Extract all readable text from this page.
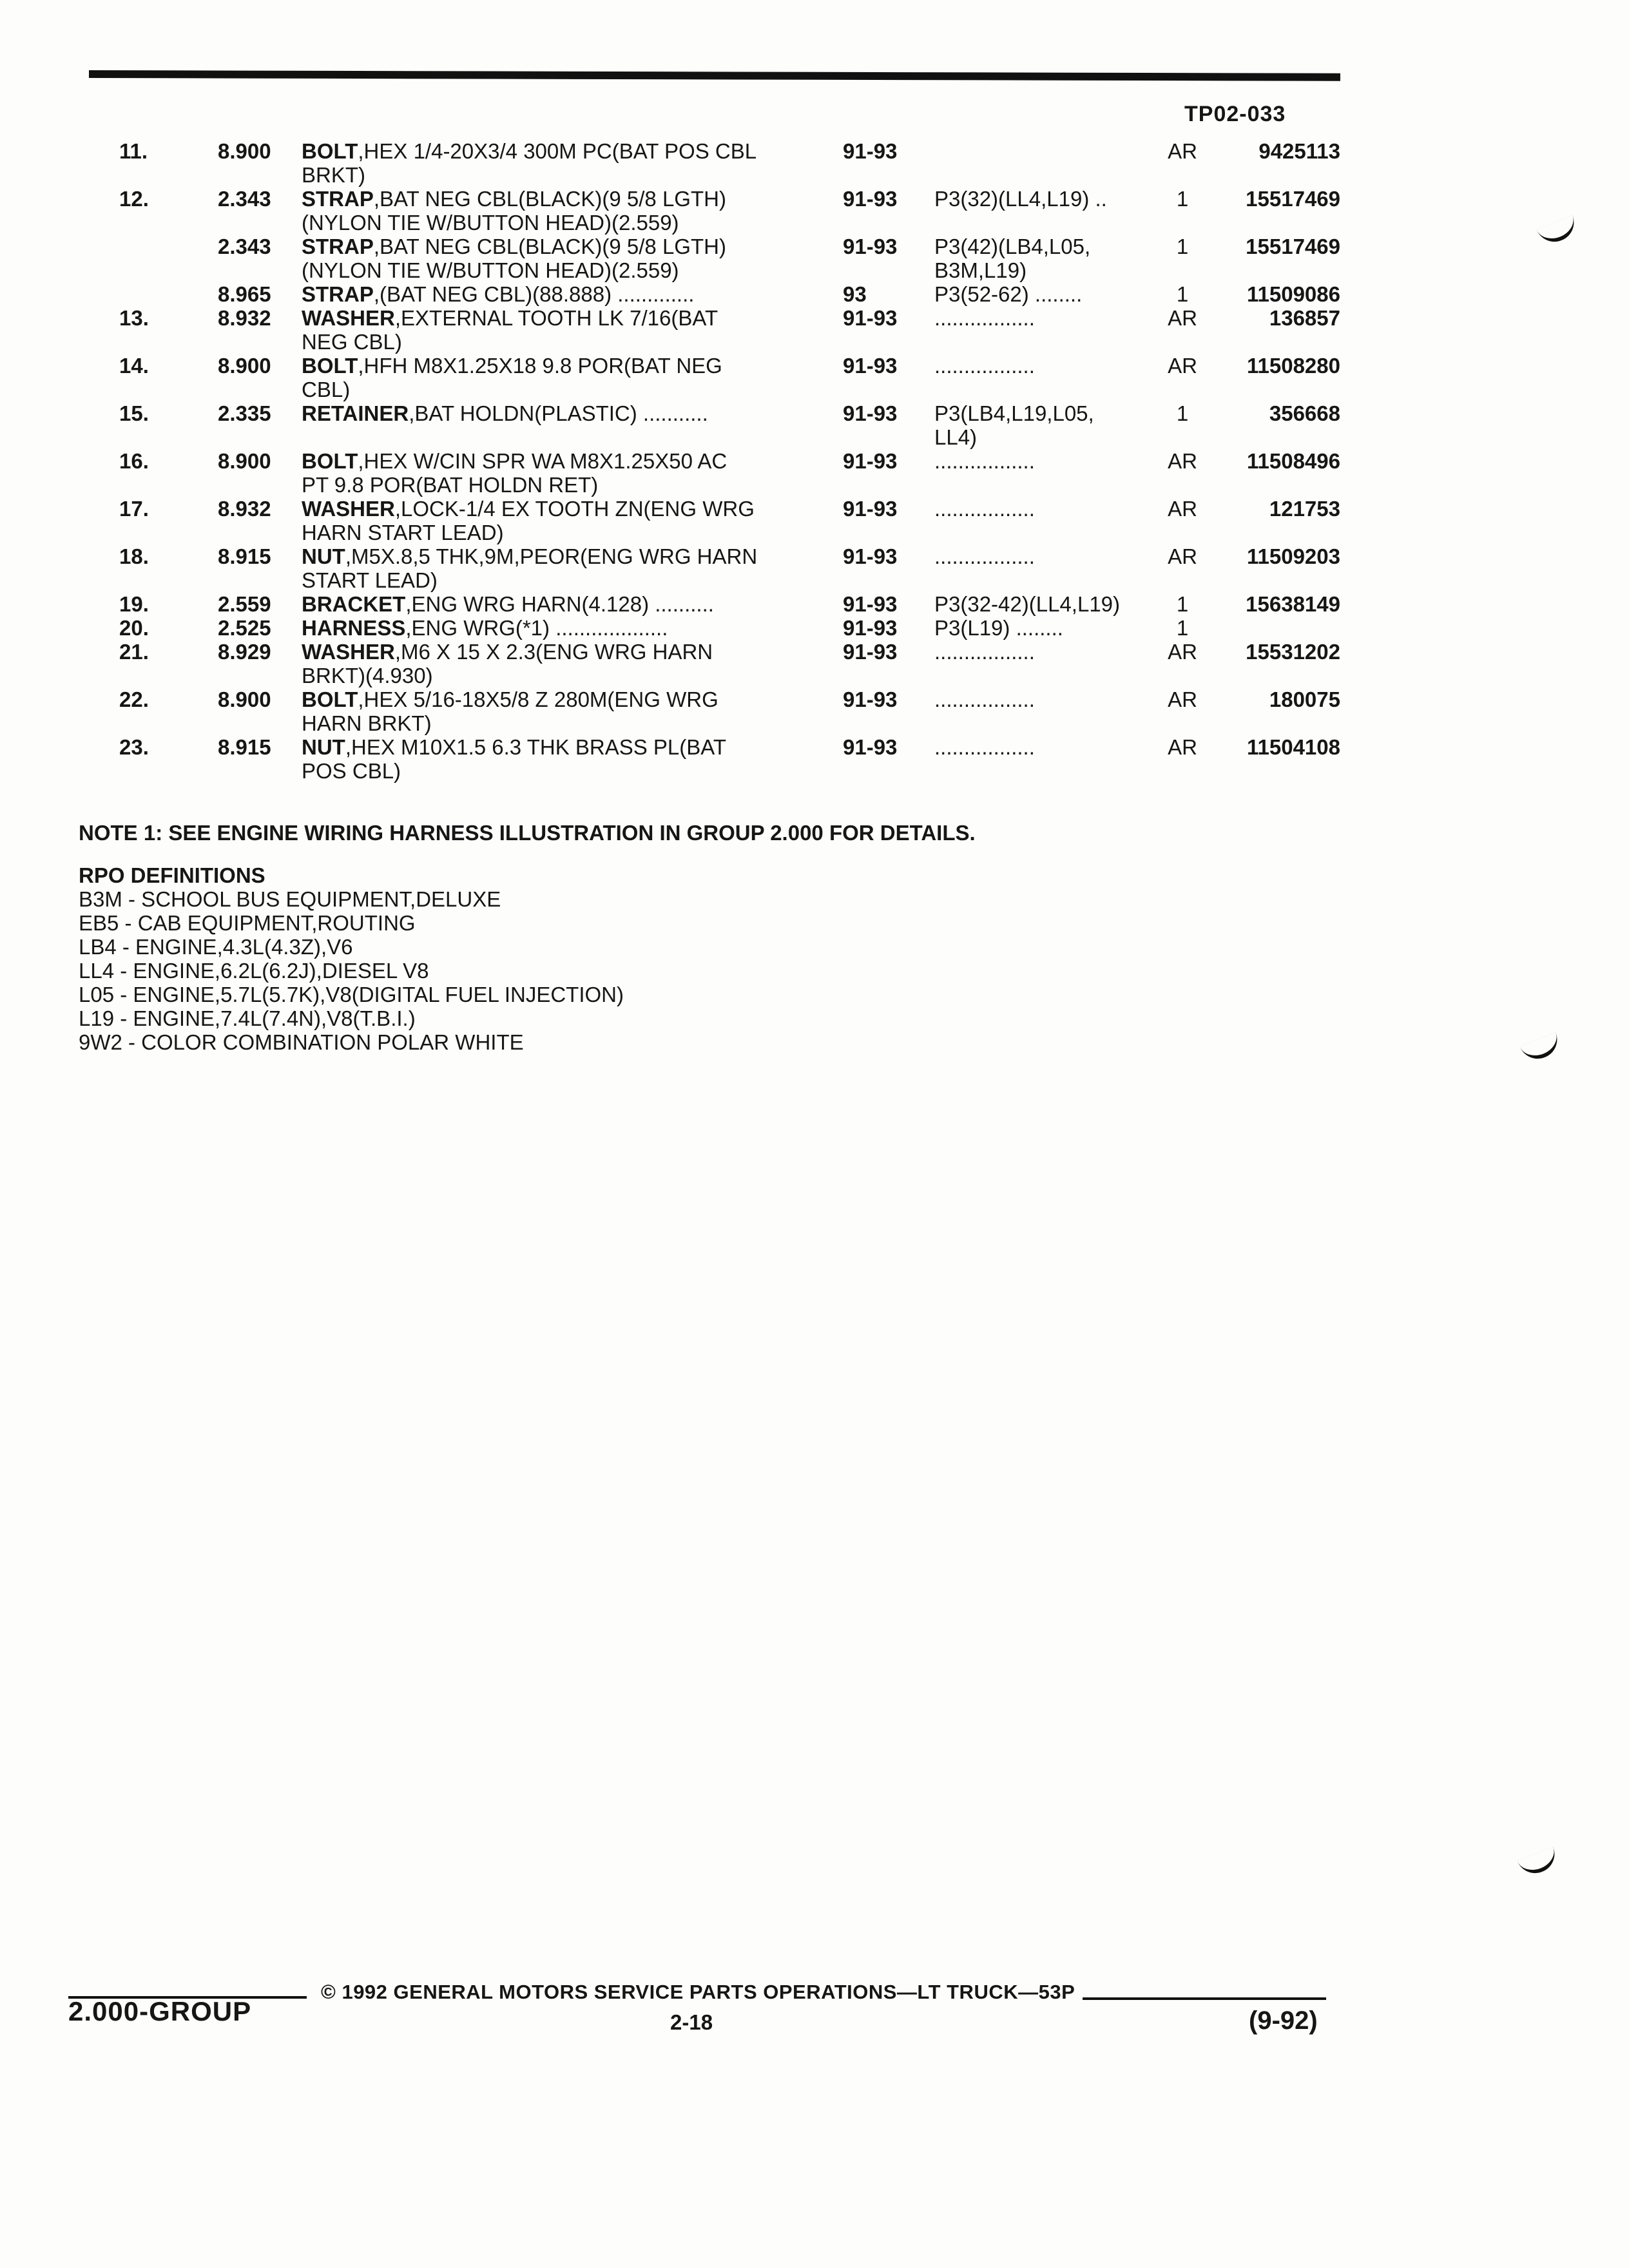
TP02-033
11.	8.900 BOLT,HEX 1/4-20X3/4 300M PC(BAT POS CBL
BRKT)
91-93	AR	9425113
12.	2.343 STRAP,BAT NEG CBL(BLACK)(9 5/8 LGTH)
(NYLON TIE W/BUTTON HEAD)(2.559)
91-93 P3(32)(LL4,L19) ..	1	15517469
2.343 STRAP,BAT NEG CBL(BLACK)(9 5/8 LGTH)
(NYLON TIE W/BUTTON HEAD)(2.559)
91-93 P3(42)(LB4,L05,
B3M,L19)
1	15517469
8.965 STRAP,(BAT NEG CBL)(88.888) .............	93	P3(52-62) ........	1	11509086
13.	8.932 WASHER,EXTERNAL TOOTH LK 7/16(BAT
NEG CBL)
91-93 .................	AR	136857
14.	8.900 BOLT,HFH M8X1.25X18 9.8 POR(BAT NEG
CBL)
91-93 .................	AR	11508280
15.	2.335 RETAINER,BAT HOLDN(PLASTIC) ...........	91-93 P3(LB4,L19,L05,
LL4)
1	356668
16.	8.900 BOLT,HEX W/CIN SPR WA M8X1.25X50 AC
PT 9.8 POR(BAT HOLDN RET)
91-93 .................	AR	11508496
17.	8.932 WASHER,LOCK-1/4 EX TOOTH ZN(ENG WRG
HARN START LEAD)
91-93 .................	AR	121753
18.	8.915 NUT,M5X.8,5 THK,9M,PEOR(ENG WRG HARN
START LEAD)
91-93 .................	AR	11509203
19.	2.559 BRACKET,ENG WRG HARN(4.128) ..........	91-93 P3(32-42)(LL4,L19)	1	15638149
20.	2.525 HARNESS,ENG WRG(*1) ...................	91-93 P3(L19) ........	1
21.	8.929 WASHER,M6 X 15 X 2.3(ENG WRG HARN
BRKT)(4.930)
91-93 .................	AR	15531202
22.	8.900 BOLT,HEX 5/16-18X5/8 Z 280M(ENG WRG
HARN BRKT)
91-93 .................	AR	180075
23.	8.915 NUT,HEX M10X1.5 6.3 THK BRASS PL(BAT
POS CBL)
91-93 .................	AR	11504108
NOTE 1: SEE ENGINE WIRING HARNESS ILLUSTRATION IN GROUP 2.000 FOR DETAILS.
RPO DEFINITIONS
B3M - SCHOOL BUS EQUIPMENT,DELUXE
EB5 - CAB EQUIPMENT,ROUTING
LB4 - ENGINE,4.3L(4.3Z),V6
LL4 - ENGINE,6.2L(6.2J),DIESEL V8
L05 - ENGINE,5.7L(5.7K),V8(DIGITAL FUEL INJECTION)
L19 - ENGINE,7.4L(7.4N),V8(T.B.I.)
9W2 - COLOR COMBINATION POLAR WHITE
© 1992 GENERAL MOTORS SERVICE PARTS OPERATIONS—LT TRUCK—53P
2.000-GROUP	2-18	(9-92)
